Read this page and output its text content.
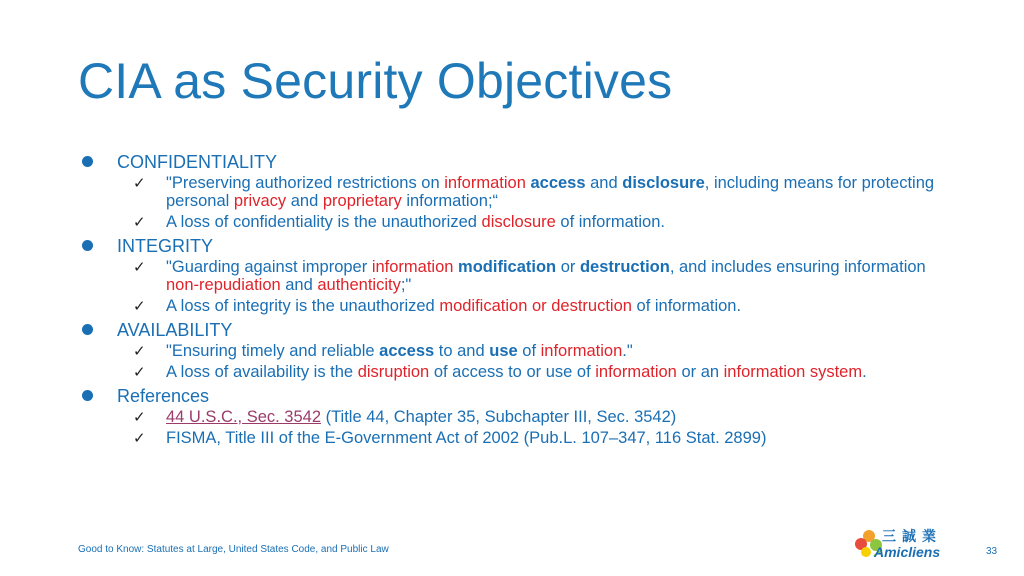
CIA as Security Objectives
CONFIDENTIALITY
✓ "Preserving authorized restrictions on information access and disclosure, including means for protecting personal privacy and proprietary information;“
✓ A loss of confidentiality is the unauthorized disclosure of information.
INTEGRITY
✓ "Guarding against improper information modification or destruction, and includes ensuring information non-repudiation and authenticity;"
✓ A loss of integrity is the unauthorized modification or destruction of information.
AVAILABILITY
✓ "Ensuring timely and reliable access to and use of information."
✓ A loss of availability is the disruption of access to or use of information or an information system.
References
✓ 44 U.S.C., Sec. 3542 (Title 44, Chapter 35, Subchapter III, Sec. 3542)
✓ FISMA, Title III of the E-Government Act of 2002 (Pub.L. 107–347, 116 Stat. 2899)
Good to Know: Statutes at Large, United States Code, and Public Law
三誠業
Amicliens	33
